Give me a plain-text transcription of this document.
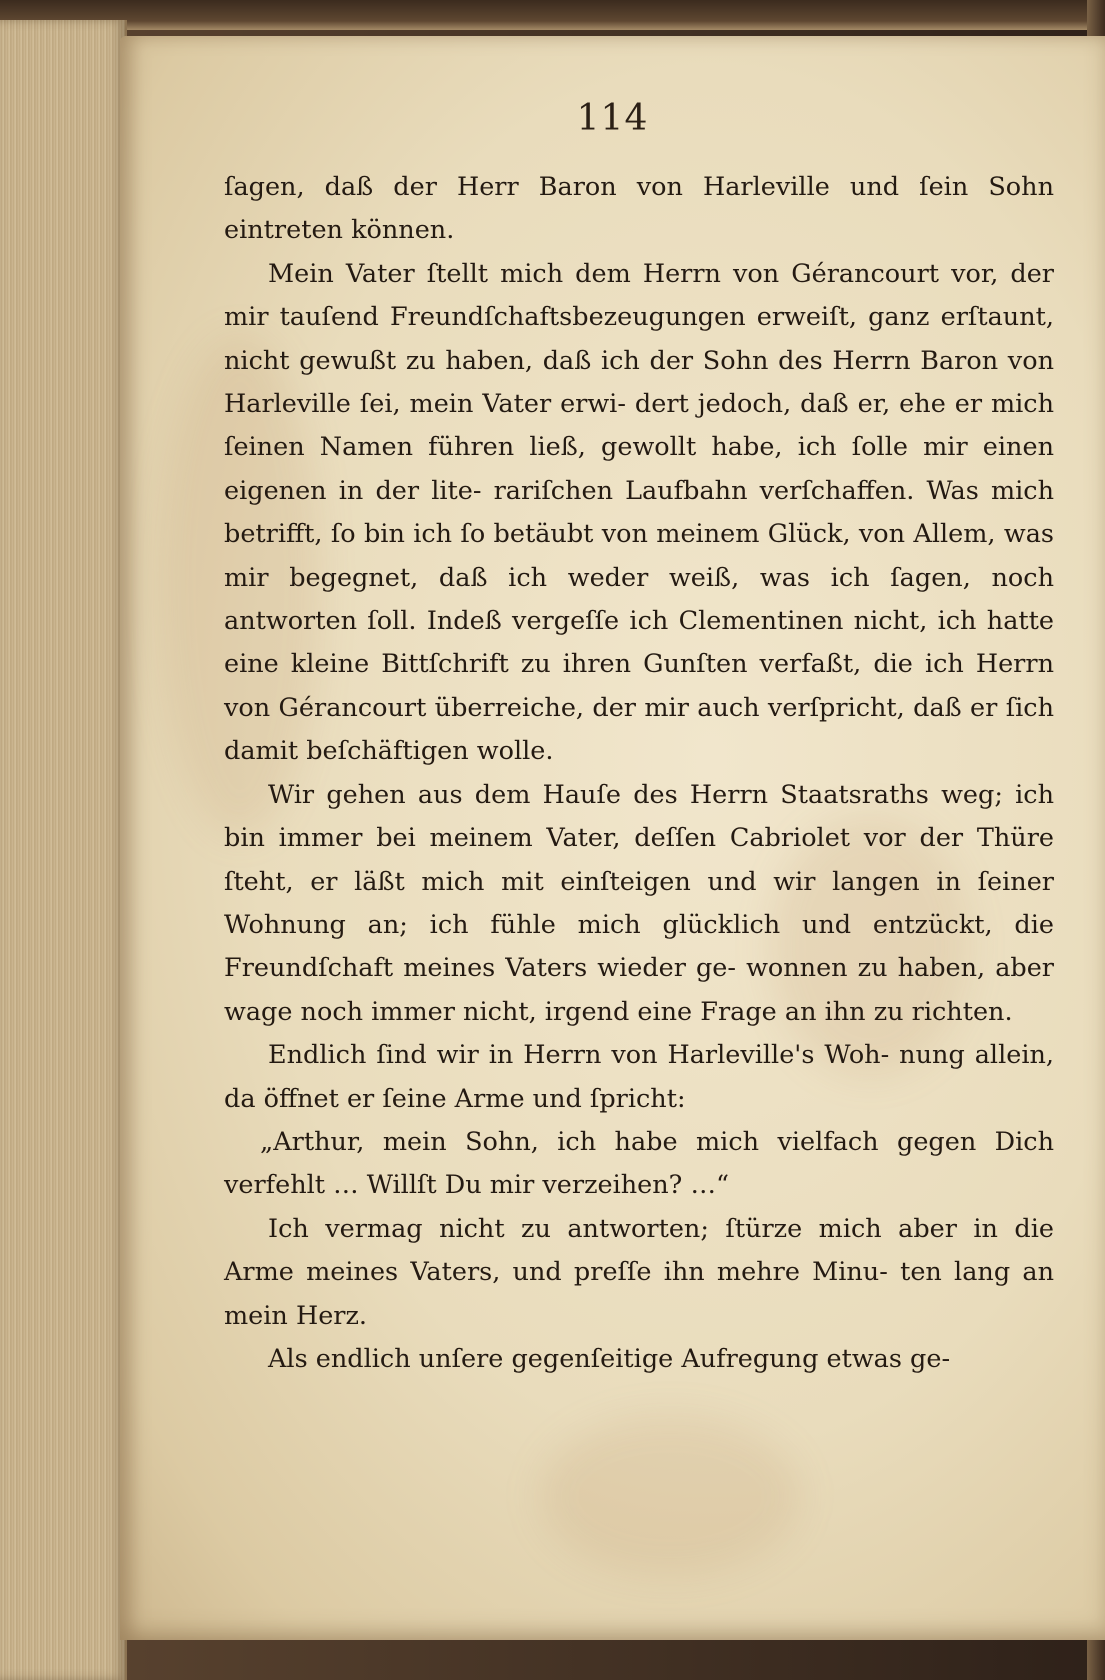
114

ſagen, daß der Herr Baron von Harleville und ſein Sohn eintreten können.

Mein Vater ſtellt mich dem Herrn von Gérancourt vor, der mir tauſend Freundſchaftsbezeugungen erweiſt, ganz erſtaunt, nicht gewußt zu haben, daß ich der Sohn des Herrn Baron von Harleville ſei, mein Vater erwi- dert jedoch, daß er, ehe er mich ſeinen Namen führen ließ, gewollt habe, ich ſolle mir einen eigenen in der lite- rariſchen Laufbahn verſchaffen. Was mich betrifft, ſo bin ich ſo betäubt von meinem Glück, von Allem, was mir begegnet, daß ich weder weiß, was ich ſagen, noch antworten ſoll. Indeß vergeſſe ich Clementinen nicht, ich hatte eine kleine Bittſchrift zu ihren Gunſten verfaßt, die ich Herrn von Gérancourt überreiche, der mir auch verſpricht, daß er ſich damit beſchäftigen wolle.

Wir gehen aus dem Hauſe des Herrn Staatsraths weg; ich bin immer bei meinem Vater, deſſen Cabriolet vor der Thüre ſteht, er läßt mich mit einſteigen und wir langen in ſeiner Wohnung an; ich fühle mich glücklich und entzückt, die Freundſchaft meines Vaters wieder ge- wonnen zu haben, aber wage noch immer nicht, irgend eine Frage an ihn zu richten.

Endlich ſind wir in Herrn von Harleville's Woh- nung allein, da öffnet er ſeine Arme und ſpricht:

„Arthur, mein Sohn, ich habe mich vielfach gegen Dich verfehlt … Willſt Du mir verzeihen? …“

Ich vermag nicht zu antworten; ſtürze mich aber in die Arme meines Vaters, und preſſe ihn mehre Minu- ten lang an mein Herz.

Als endlich unſere gegenſeitige Aufregung etwas ge-
